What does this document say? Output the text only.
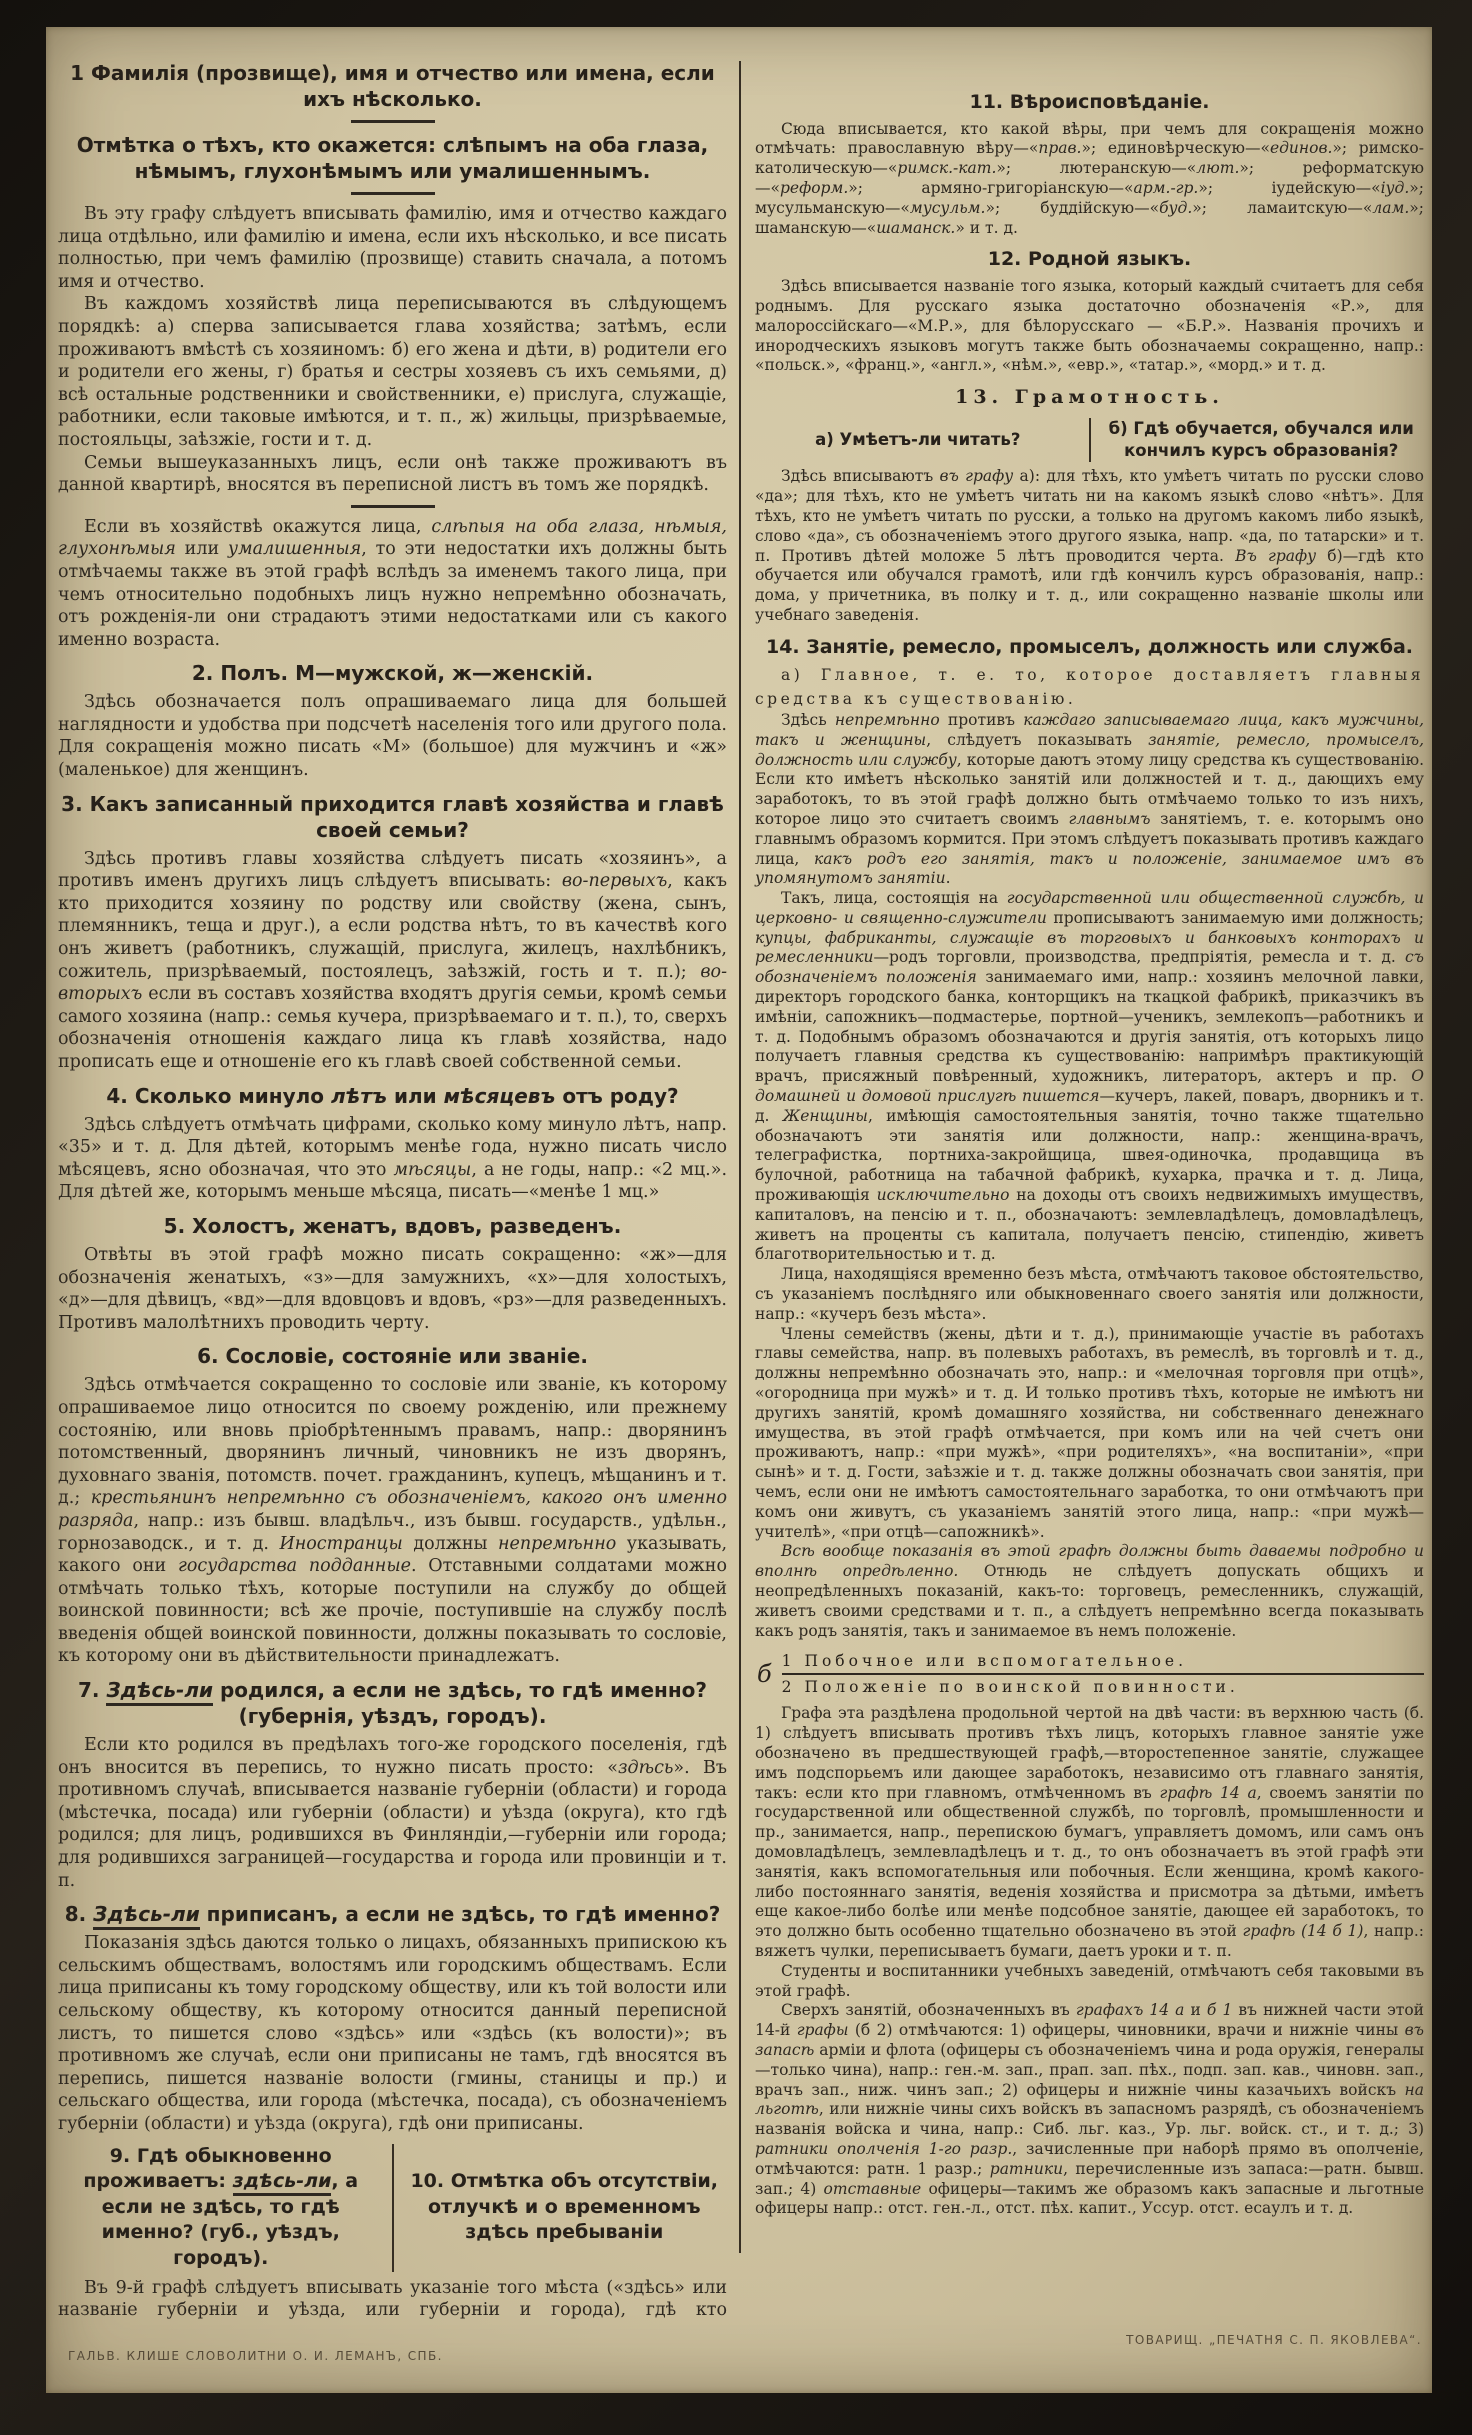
1 Фамилія (прозвище), имя и отчество или имена, если ихъ нѣсколько.
Отмѣтка о тѣхъ, кто окажется: слѣпымъ на оба глаза, нѣмымъ, глухонѣмымъ или умалишеннымъ.
Въ эту графу слѣдуетъ вписывать фамилію, имя и отчество каждаго лица отдѣльно, или фамилію и имена, если ихъ нѣсколько, и все писать полностью, при чемъ фамилію (прозвище) ставить сначала, а потомъ имя и отчество.
Въ каждомъ хозяйствѣ лица переписываются въ слѣдующемъ порядкѣ: а) сперва записывается глава хозяйства; затѣмъ, если проживаютъ вмѣстѣ съ хозяиномъ: б) его жена и дѣти, в) родители его и родители его жены, г) братья и сестры хозяевъ съ ихъ семьями, д) всѣ остальные родственники и свойственники, е) прислуга, служащіе, работники, если таковые имѣются, и т. п., ж) жильцы, призрѣваемые, постояльцы, заѣзжіе, гости и т. д.
Семьи вышеуказанныхъ лицъ, если онѣ также проживаютъ въ данной квартирѣ, вносятся въ переписной листъ въ томъ же порядкѣ.
Если въ хозяйствѣ окажутся лица, слѣпыя на оба глаза, нѣмыя, глухонѣмыя или умалишенныя, то эти недостатки ихъ должны быть отмѣчаемы также въ этой графѣ вслѣдъ за именемъ такого лица, при чемъ относительно подобныхъ лицъ нужно непремѣнно обозначать, отъ рожденія-ли они страдаютъ этими недостатками или съ какого именно возраста.
2. Полъ. М—мужской, ж—женскій.
Здѣсь обозначается полъ опрашиваемаго лица для большей наглядности и удобства при подсчетѣ населенія того или другого пола. Для сокращенія можно писать «М» (большое) для мужчинъ и «ж» (маленькое) для женщинъ.
3. Какъ записанный приходится главѣ хозяйства и главѣ своей семьи?
Здѣсь противъ главы хозяйства слѣдуетъ писать «хозяинъ», а противъ именъ другихъ лицъ слѣдуетъ вписывать: во-первыхъ, какъ кто приходится хозяину по родству или свойству (жена, сынъ, племянникъ, теща и друг.), а если родства нѣтъ, то въ качествѣ кого онъ живетъ (работникъ, служащій, прислуга, жилецъ, нахлѣбникъ, сожитель, призрѣваемый, постоялецъ, заѣзжій, гость и т. п.); во-вторыхъ если въ составъ хозяйства входятъ другія семьи, кромѣ семьи самого хозяина (напр.: семья кучера, призрѣваемаго и т. п.), то, сверхъ обозначенія отношенія каждаго лица къ главѣ хозяйства, надо прописать еще и отношеніе его къ главѣ своей собственной семьи.
4. Сколько минуло лѣтъ или мѣсяцевъ отъ роду?
Здѣсь слѣдуетъ отмѣчать цифрами, сколько кому минуло лѣтъ, напр. «35» и т. д. Для дѣтей, которымъ менѣе года, нужно писать число мѣсяцевъ, ясно обозначая, что это мѣсяцы, а не годы, напр.: «2 мц.». Для дѣтей же, которымъ меньше мѣсяца, писать—«менѣе 1 мц.»
5. Холостъ, женатъ, вдовъ, разведенъ.
Отвѣты въ этой графѣ можно писать сокращенно: «ж»—для обозначенія женатыхъ, «з»—для замужнихъ, «х»—для холостыхъ, «д»—для дѣвицъ, «вд»—для вдовцовъ и вдовъ, «рз»—для разведенныхъ. Противъ малолѣтнихъ проводить черту.
6. Сословіе, состояніе или званіе.
Здѣсь отмѣчается сокращенно то сословіе или званіе, къ которому опрашиваемое лицо относится по своему рожденію, или прежнему состоянію, или вновь пріобрѣтеннымъ правамъ, напр.: дворянинъ потомственный, дворянинъ личный, чиновникъ не изъ дворянъ, духовнаго званія, потомств. почет. гражданинъ, купецъ, мѣщанинъ и т. д.; крестьянинъ непремѣнно съ обозначеніемъ, какого онъ именно разряда, напр.: изъ бывш. владѣльч., изъ бывш. государств., удѣльн., горнозаводск., и т. д. Иностранцы должны непремѣнно указывать, какого они государства подданные. Отставными солдатами можно отмѣчать только тѣхъ, которые поступили на службу до общей воинской повинности; всѣ же прочіе, поступившіе на службу послѣ введенія общей воинской повинности, должны показывать то сословіе, къ которому они въ дѣйствительности принадлежатъ.
7. Здѣсь-ли родился, а если не здѣсь, то гдѣ именно? (губернія, уѣздъ, городъ).
Если кто родился въ предѣлахъ того-же городского поселенія, гдѣ онъ вносится въ перепись, то нужно писать просто: «здѣсь». Въ противномъ случаѣ, вписывается названіе губерніи (области) и города (мѣстечка, посада) или губерніи (области) и уѣзда (округа), кто гдѣ родился; для лицъ, родившихся въ Финляндіи,—губерніи или города; для родившихся заграницей—государства и города или провинціи и т. п.
8. Здѣсь-ли приписанъ, а если не здѣсь, то гдѣ именно?
Показанія здѣсь даются только о лицахъ, обязанныхъ припискою къ сельскимъ обществамъ, волостямъ или городскимъ обществамъ. Если лица приписаны къ тому городскому обществу, или къ той волости или сельскому обществу, къ которому относится данный переписной листъ, то пишется слово «здѣсь» или «здѣсь (къ волости)»; въ противномъ же случаѣ, если они приписаны не тамъ, гдѣ вносятся въ перепись, пишется названіе волости (гмины, станицы и пр.) и сельскаго общества, или города (мѣстечка, посада), съ обозначеніемъ губерніи (области) и уѣзда (округа), гдѣ они приписаны.
9. Гдѣ обыкновенно проживаетъ: здѣсь-ли, а если не здѣсь, то гдѣ именно? (губ., уѣздъ, городъ).
10. Отмѣтка объ отсутствіи, отлучкѣ и о временномъ здѣсь пребываніи
Въ 9-й графѣ слѣдуетъ вписывать указаніе того мѣста («здѣсь» или названіе губерніи и уѣзда, или губерніи и города), гдѣ кто
11. Вѣроисповѣданіе.
Сюда вписывается, кто какой вѣры, при чемъ для сокращенія можно отмѣчать: православную вѣру—«прав.»; единовѣрческую—«единов.»; римско-католическую—«римск.-кат.»; лютеранскую—«лют.»; реформатскую—«реформ.»; армяно-григоріанскую—«арм.-гр.»; іудейскую—«іуд.»; мусульманскую—«мусульм.»; буддійскую—«буд.»; ламаитскую—«лам.»; шаманскую—«шаманск.» и т. д.
12. Родной языкъ.
Здѣсь вписывается названіе того языка, который каждый считаетъ для себя роднымъ. Для русскаго языка достаточно обозначенія «Р.», для малороссійскаго—«М.Р.», для бѣлорусскаго — «Б.Р.». Названія прочихъ и инородческихъ языковъ могутъ также быть обозначаемы сокращенно, напр.: «польск.», «франц.», «англ.», «нѣм.», «евр.», «татар.», «морд.» и т. д.
13. Грамотность.
а) Умѣетъ-ли читать?
б) Гдѣ обучается, обучался или кончилъ курсъ образованія?
Здѣсь вписываютъ въ графу а): для тѣхъ, кто умѣетъ читать по русски слово «да»; для тѣхъ, кто не умѣетъ читать ни на какомъ языкѣ слово «нѣтъ». Для тѣхъ, кто не умѣетъ читать по русски, а только на другомъ какомъ либо языкѣ, слово «да», съ обозначеніемъ этого другого языка, напр. «да, по татарски» и т. п. Противъ дѣтей моложе 5 лѣтъ проводится черта. Въ графу б)—гдѣ кто обучается или обучался грамотѣ, или гдѣ кончилъ курсъ образованія, напр.: дома, у причетника, въ полку и т. д., или сокращенно названіе школы или учебнаго заведенія.
14. Занятіе, ремесло, промыселъ, должность или служба.
а) Главное, т. е. то, которое доставляетъ главныя средства къ существованію.
Здѣсь непремѣнно противъ каждаго записываемаго лица, какъ мужчины, такъ и женщины, слѣдуетъ показывать занятіе, ремесло, промыселъ, должность или службу, которые даютъ этому лицу средства къ существованію. Если кто имѣетъ нѣсколько занятій или должностей и т. д., дающихъ ему заработокъ, то въ этой графѣ должно быть отмѣчаемо только то изъ нихъ, которое лицо это считаетъ своимъ главнымъ занятіемъ, т. е. которымъ оно главнымъ образомъ кормится. При этомъ слѣдуетъ показывать противъ каждаго лица, какъ родъ его занятія, такъ и положеніе, занимаемое имъ въ упомянутомъ занятіи.
Такъ, лица, состоящія на государственной или общественной службѣ, и церковно- и священно-служители прописываютъ занимаемую ими должность; купцы, фабриканты, служащіе въ торговыхъ и банковыхъ конторахъ и ремесленники—родъ торговли, производства, предпріятія, ремесла и т. д. съ обозначеніемъ положенія занимаемаго ими, напр.: хозяинъ мелочной лавки, директоръ городского банка, конторщикъ на ткацкой фабрикѣ, приказчикъ въ имѣніи, сапожникъ—подмастерье, портной—ученикъ, землекопъ—работникъ и т. д. Подобнымъ образомъ обозначаются и другія занятія, отъ которыхъ лицо получаетъ главныя средства къ существованію: напримѣръ практикующій врачъ, присяжный повѣренный, художникъ, литераторъ, актеръ и пр. О домашней и домовой прислугѣ пишется—кучеръ, лакей, поваръ, дворникъ и т. д. Женщины, имѣющія самостоятельныя занятія, точно также тщательно обозначаютъ эти занятія или должности, напр.: женщина-врачъ, телеграфистка, портниха-закройщица, швея-одиночка, продавщица въ булочной, работница на табачной фабрикѣ, кухарка, прачка и т. д. Лица, проживающія исключительно на доходы отъ своихъ недвижимыхъ имуществъ, капиталовъ, на пенсію и т. п., обозначаютъ: землевладѣлецъ, домовладѣлецъ, живетъ на проценты съ капитала, получаетъ пенсію, стипендію, живетъ благотворительностью и т. д.
Лица, находящіяся временно безъ мѣста, отмѣчаютъ таковое обстоятельство, съ указаніемъ послѣдняго или обыкновеннаго своего занятія или должности, напр.: «кучеръ безъ мѣста».
Члены семействъ (жены, дѣти и т. д.), принимающіе участіе въ работахъ главы семейства, напр. въ полевыхъ работахъ, въ ремеслѣ, въ торговлѣ и т. д., должны непремѣнно обозначать это, напр.: и «мелочная торговля при отцѣ», «огородница при мужѣ» и т. д. И только противъ тѣхъ, которые не имѣютъ ни другихъ занятій, кромѣ домашняго хозяйства, ни собственнаго денежнаго имущества, въ этой графѣ отмѣчается, при комъ или на чей счетъ они проживаютъ, напр.: «при мужѣ», «при родителяхъ», «на воспитаніи», «при сынѣ» и т. д. Гости, заѣзжіе и т. д. также должны обозначать свои занятія, при чемъ, если они не имѣютъ самостоятельнаго заработка, то они отмѣчаютъ при комъ они живутъ, съ указаніемъ занятій этого лица, напр.: «при мужѣ—учителѣ», «при отцѣ—сапожникѣ».
Всѣ вообще показанія въ этой графѣ должны быть даваемы подробно и вполнѣ опредѣленно. Отнюдь не слѣдуетъ допускать общихъ и неопредѣленныхъ показаній, какъ-то: торговецъ, ремесленникъ, служащій, живетъ своими средствами и т. п., а слѣдуетъ непремѣнно всегда показывать какъ родъ занятія, такъ и занимаемое въ немъ положеніе.
б 1 Побочное или вспомогательное.
2 Положеніе по воинской повинности.
Графа эта раздѣлена продольной чертой на двѣ части: въ верхнюю часть (б. 1) слѣдуетъ вписывать противъ тѣхъ лицъ, которыхъ главное занятіе уже обозначено въ предшествующей графѣ,—второстепенное занятіе, служащее имъ подспорьемъ или дающее заработокъ, независимо отъ главнаго занятія, такъ: если кто при главномъ, отмѣченномъ въ графѣ 14 а, своемъ занятіи по государственной или общественной службѣ, по торговлѣ, промышленности и пр., занимается, напр., перепискою бумагъ, управляетъ домомъ, или самъ онъ домовладѣлецъ, землевладѣлецъ и т. д., то онъ обозначаетъ въ этой графѣ эти занятія, какъ вспомогательныя или побочныя. Если женщина, кромѣ какого-либо постояннаго занятія, веденія хозяйства и присмотра за дѣтьми, имѣетъ еще какое-либо болѣе или менѣе подсобное занятіе, дающее ей заработокъ, то это должно быть особенно тщательно обозначено въ этой графѣ (14 б 1), напр.: вяжетъ чулки, переписываетъ бумаги, даетъ уроки и т. п.
Студенты и воспитанники учебныхъ заведеній, отмѣчаютъ себя таковыми въ этой графѣ.
Сверхъ занятій, обозначенныхъ въ графахъ 14 а и б 1 въ нижней части этой 14-й графы (б 2) отмѣчаются: 1) офицеры, чиновники, врачи и нижніе чины въ запасѣ арміи и флота (офицеры съ обозначеніемъ чина и рода оружія, генералы—только чина), напр.: ген.-м. зап., прап. зап. пѣх., подп. зап. кав., чиновн. зап., врачъ зап., ниж. чинъ зап.; 2) офицеры и нижніе чины казачьихъ войскъ на льготѣ, или нижніе чины сихъ войскъ въ запасномъ разрядѣ, съ обозначеніемъ названія войска и чина, напр.: Сиб. льг. каз., Ур. льг. войск. ст., и т. д.; 3) ратники ополченія 1-го разр., зачисленные при наборѣ прямо въ ополченіе, отмѣчаются: ратн. 1 разр.; ратники, перечисленные изъ запаса:—ратн. бывш. зап.; 4) отставные офицеры—такимъ же образомъ какъ запасные и льготные офицеры напр.: отст. ген.-л., отст. пѣх. капит., Уссур. отст. есаулъ и т. д.
ГАЛЬВ. КЛИШЕ СЛОВОЛИТНИ О. И. ЛЕМАНЪ, СПБ.
ТОВАРИЩ. „ПЕЧАТНЯ С. П. ЯКОВЛЕВА“.
